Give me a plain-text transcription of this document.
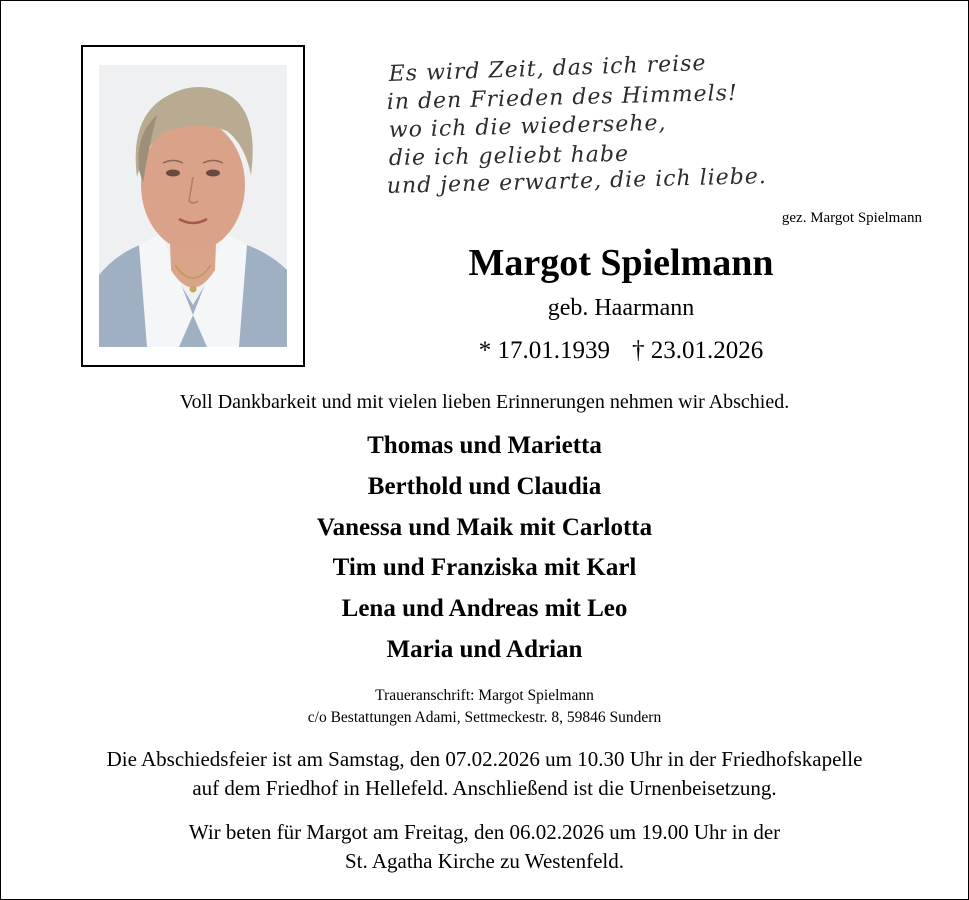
Es wird Zeit, das ich reise
in den Frieden des Himmels!
wo ich die wiedersehe,
die ich geliebt habe
und jene erwarte, die ich liebe.
gez. Margot Spielmann
Margot Spielmann
geb. Haarmann
* 17.01.1939 † 23.01.2026
Voll Dankbarkeit und mit vielen lieben Erinnerungen nehmen wir Abschied.
Thomas und Marietta
Berthold und Claudia
Vanessa und Maik mit Carlotta
Tim und Franziska mit Karl
Lena und Andreas mit Leo
Maria und Adrian
Traueranschrift: Margot Spielmann
c/o Bestattungen Adami, Settmeckestr. 8, 59846 Sundern
Die Abschiedsfeier ist am Samstag, den 07.02.2026 um 10.30 Uhr in der Friedhofskapelle
auf dem Friedhof in Hellefeld. Anschließend ist die Urnenbeisetzung.
Wir beten für Margot am Freitag, den 06.02.2026 um 19.00 Uhr in der
St. Agatha Kirche zu Westenfeld.
